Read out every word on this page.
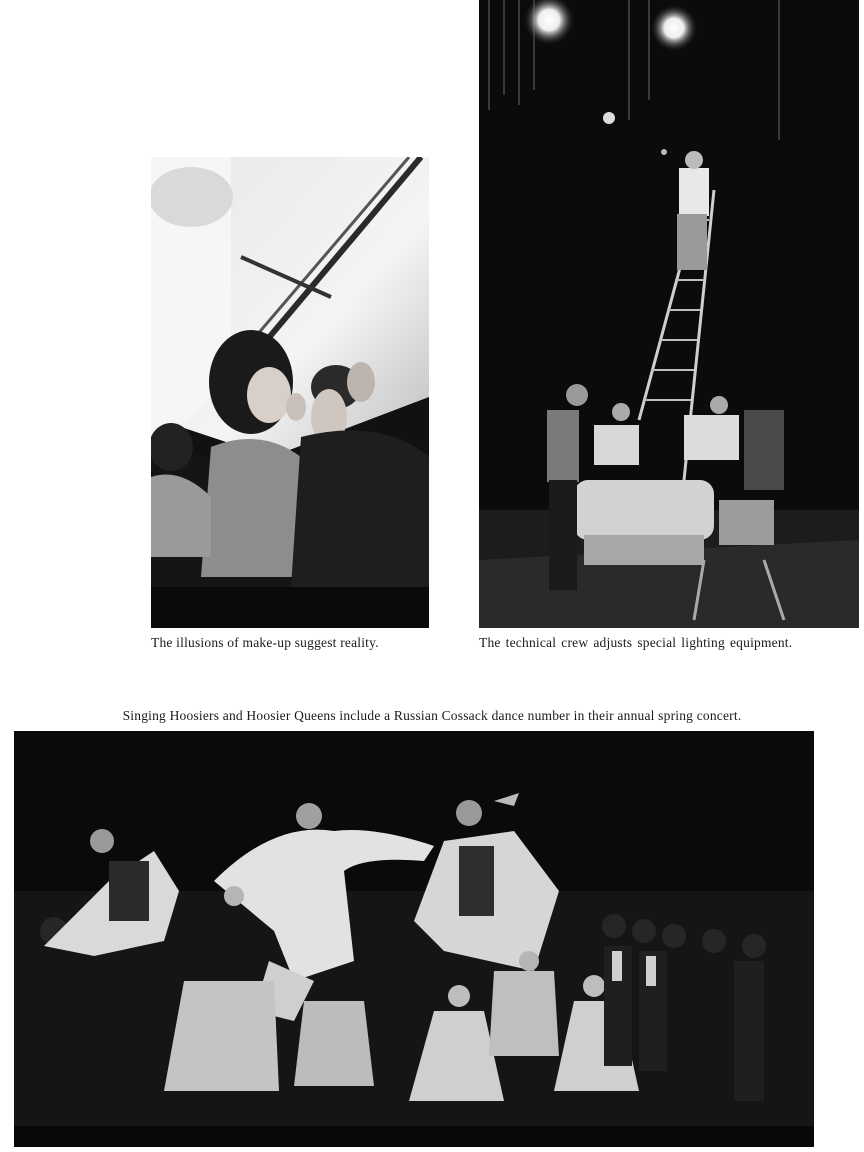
The illusions of make-up suggest reality.	The technical crew adjusts special lighting equipment.
Singing Hoosiers and Hoosier Queens include a Russian Cossack dance number in their annual spring concert.
